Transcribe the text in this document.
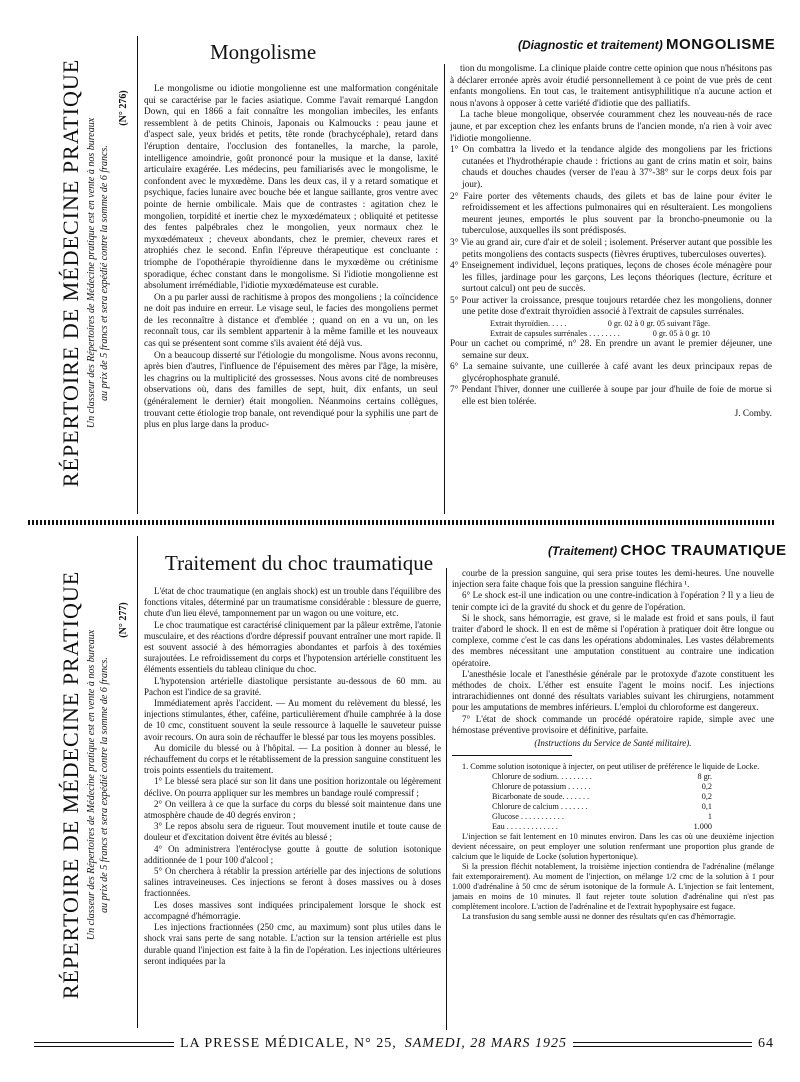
RÉPERTOIRE DE MÉDECINE PRATIQUE Un classeur des Répertoires de Médecine pratique est en vente à nos bureaux au prix de 5 francs et sera expédié contre la somme de 6 francs.
(N° 276)
Mongolisme	(Diagnostic et traitement) MONGOLISME

Le mongolisme ou idiotie mongolienne est une malformation congénitale qui se caractérise par le facies asiatique. Comme l'avait remarqué Langdon Down, qui en 1866 a fait connaître les mongolian imbeciles, les enfants ressemblent à de petits Chinois, Japonais ou Kalmoucks : peau jaune et d'aspect sale, yeux bridés et petits, tête ronde (brachycéphale), retard dans l'éruption dentaire, l'occlusion des fontanelles, la marche, la parole, intelligence amoindrie, goût prononcé pour la musique et la danse, laxité articulaire exagérée. Les médecins, peu familiarisés avec le mongolisme, le confondent avec le myxœdème. Dans les deux cas, il y a retard somatique et psychique, facies lunaire avec bouche bée et langue saillante, gros ventre avec pointe de hernie ombilicale. Mais que de contrastes : agitation chez le mongolien, torpidité et inertie chez le myxœdémateux ; obliquité et petitesse des fentes palpébrales chez le mongolien, yeux normaux chez le myxœdémateux ; cheveux abondants, chez le premier, cheveux rares et atrophiés chez le second. Enfin l'épreuve thérapeutique est concluante : triomphe de l'opothérapie thyroïdienne dans le myxœdème ou crétinisme sporadique, échec constant dans le mongolisme. Si l'idiotie mongolienne est absolument irrémédiable, l'idiotie myxœdémateuse est curable.

On a pu parler aussi de rachitisme à propos des mongoliens ; la coïncidence ne doit pas induire en erreur. Le visage seul, le facies des mongoliens permet de les reconnaître à distance et d'emblée ; quand on en a vu un, on les reconnaît tous, car ils semblent appartenir à la même famille et les nouveaux cas qui se présentent sont comme s'ils avaient été déjà vus.

On a beaucoup disserté sur l'étiologie du mongolisme. Nous avons reconnu, après bien d'autres, l'influence de l'épuisement des mères par l'âge, la misère, les chagrins ou la multiplicité des grossesses. Nous avons cité de nombreuses observations où, dans des familles de sept, huit, dix enfants, un seul (généralement le dernier) était mongolien. Néanmoins certains collègues, trouvant cette étiologie trop banale, ont revendiqué pour la syphilis une part de plus en plus large dans la produc-

tion du mongolisme. La clinique plaide contre cette opinion que nous n'hésitons pas à déclarer erronée après avoir étudié personnellement à ce point de vue près de cent enfants mongoliens. En tout cas, le traitement antisyphilitique n'a aucune action et nous n'avons à opposer à cette variété d'idiotie que des palliatifs.

La tache bleue mongolique, observée couramment chez les nouveau-nés de race jaune, et par exception chez les enfants bruns de l'ancien monde, n'a rien à voir avec l'idiotie mongolienne.

1° On combattra la livedo et la tendance algide des mongoliens par les frictions cutanées et l'hydrothérapie chaude : frictions au gant de crins matin et soir, bains chauds et douches chaudes (verser de l'eau à 37°-38° sur le corps deux fois par jour).
2° Faire porter des vêtements chauds, des gilets et bas de laine pour éviter le refroidissement et les affections pulmonaires qui en résulteraient. Les mongoliens meurent jeunes, emportés le plus souvent par la broncho-pneumonie ou la tuberculose, auxquelles ils sont prédisposés.
3° Vie au grand air, cure d'air et de soleil ; isolement. Préserver autant que possible les petits mongoliens des contacts suspects (fièvres éruptives, tuberculoses ouvertes).
4° Enseignement individuel, leçons pratiques, leçons de choses école ménagère pour les filles, jardinage pour les garçons, Les leçons théoriques (lecture, écriture et surtout calcul) ont peu de succès.
5° Pour activer la croissance, presque toujours retardée chez les mongoliens, donner une petite dose d'extrait thyroïdien associé à l'extrait de capsules surrénales.
Extrait thyroïdien. . . . .	0 gr. 02 à 0 gr. 05 suivant l'âge.
Extrait de capsules surrénales . . . . . . . .	0 gr. 05 à 0 gr. 10
Pour un cachet ou comprimé, n° 28. En prendre un avant le premier déjeuner, une semaine sur deux.
6° La semaine suivante, une cuillerée à café avant les deux principaux repas de glycérophosphate granulé.
7° Pendant l'hiver, donner une cuillerée à soupe par jour d'huile de foie de morue si elle est bien tolérée.
J. Comby.
RÉPERTOIRE DE MÉDECINE PRATIQUE Un classeur des Répertoires de Médecine pratique est en vente à nos bureaux au prix de 5 francs et sera expédié contre la somme de 6 francs.
(N° 277)
Traitement du choc traumatique	(Traitement) CHOC TRAUMATIQUE

L'état de choc traumatique (en anglais shock) est un trouble dans l'équilibre des fonctions vitales, déterminé par un traumatisme considérable : blessure de guerre, chute d'un lieu élevé, tamponnement par un wagon ou une voiture, etc.

Le choc traumatique est caractérisé cliniquement par la pâleur extrême, l'atonie musculaire, et des réactions d'ordre dépressif pouvant entraîner une mort rapide. Il est souvent associé à des hémorragies abondantes et parfois à des toxémies surajoutées. Le refroidissement du corps et l'hypotension artérielle constituent les éléments essentiels du tableau clinique du choc.

L'hypotension artérielle diastolique persistante au-dessous de 60 mm. au Pachon est l'indice de sa gravité.

Immédiatement après l'accident. — Au moment du relèvement du blessé, les injections stimulantes, éther, caféine, particulièrement d'huile camphrée à la dose de 10 cmc, constituent souvent la seule ressource à laquelle le sauveteur puisse avoir recours. On aura soin de réchauffer le blessé par tous les moyens possibles.

Au domicile du blessé ou à l'hôpital. — La position à donner au blessé, le réchauffement du corps et le rétablissement de la pression sanguine constituent les trois points essentiels du traitement.

1° Le blessé sera placé sur son lit dans une position horizontale ou légèrement déclive. On pourra appliquer sur les membres un bandage roulé compressif ;

2° On veillera à ce que la surface du corps du blessé soit maintenue dans une atmosphère chaude de 40 degrés environ ;

3° Le repos absolu sera de rigueur. Tout mouvement inutile et toute cause de douleur et d'excitation doivent être évités au blessé ;

4° On administrera l'entéroclyse goutte à goutte de solution isotonique additionnée de 1 pour 100 d'alcool ;

5° On cherchera à rétablir la pression artérielle par des injections de solutions salines intraveineuses. Ces injections se feront à doses massives ou à doses fractionnées.

Les doses massives sont indiquées principalement lorsque le shock est accompagné d'hémorragie.

Les injections fractionnées (250 cmc, au maximum) sont plus utiles dans le shock vrai sans perte de sang notable. L'action sur la tension artérielle est plus durable quand l'injection est faite à la fin de l'opération. Les injections ultérieures seront indiquées par la

courbe de la pression sanguine, qui sera prise toutes les demi-heures. Une nouvelle injection sera faite chaque fois que la pression sanguine fléchira ¹.

6° Le shock est-il une indication ou une contre-indication à l'opération ? Il y a lieu de tenir compte ici de la gravité du shock et du genre de l'opération.

Si le shock, sans hémorragie, est grave, si le malade est froid et sans pouls, il faut traiter d'abord le shock. Il en est de même si l'opération à pratiquer doit être longue ou complexe, comme c'est le cas dans les opérations abdominales. Les vastes délabrements des membres nécessitant une amputation constituent au contraire une indication opératoire.

L'anesthésie locale et l'anesthésie générale par le protoxyde d'azote constituent les méthodes de choix. L'éther est ensuite l'agent le moins nocif. Les injections intrarachidiennes ont donné des résultats variables suivant les chirurgiens, notamment pour les amputations de membres inférieurs. L'emploi du chloroforme est dangereux.

7° L'état de shock commande un procédé opératoire rapide, simple avec une hémostase préventive provisoire et définitive, parfaite.

(Instructions du Service de Santé militaire).

1. Comme solution isotonique à injecter, on peut utiliser de préférence le liquide de Locke.

Chlorure de sodium. . . . . . . . .	8 gr.
Chlorure de potassium . . . . . .	0,2
Bicarbonate de soude. . . . . . .	0,2
Chlorure de calcium . . . . . . .	0,1
Glucose . . . . . . . . . . .	1
Eau . . . . . . . . . . . . .	1.000

L'injection se fait lentement en 10 minutes environ. Dans les cas où une deuxième injection devient nécessaire, on peut employer une solution renfermant une proportion plus grande de calcium que le liquide de Locke (solution hypertonique).

Si la pression fléchit notablement, la troisième injection contiendra de l'adrénaline (mélange fait extemporairement). Au moment de l'injection, on mélange 1/2 cmc de la solution à 1 pour 1.000 d'adrénaline à 50 cmc de sérum isotonique de la formule A. L'injection se fait lentement, jamais en moins de 10 minutes. Il faut rejeter toute solution d'adrénaline qui n'est pas complètement incolore. L'action de l'adrénaline et de l'extrait hypophysaire est fugace.

La transfusion du sang semble aussi ne donner des résultats qu'en cas d'hémorragie.

LA PRESSE MÉDICALE, N° 25, SAMEDI, 28 MARS 1925	64
